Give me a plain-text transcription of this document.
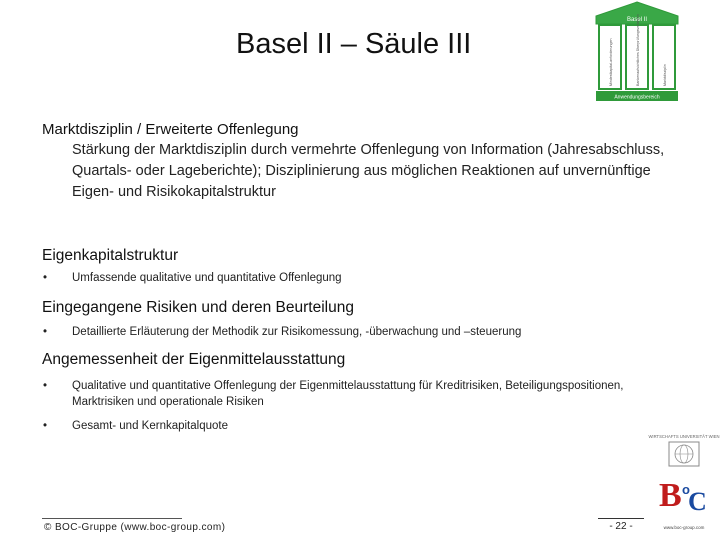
Basel II – Säule III
Basel II
Mindestkapital-anforderungen	Bankenaufsichtliches Überprüfungsverfahren	Marktdisziplin
Anwendungsbereich
Marktdisziplin / Erweiterte Offenlegung
Stärkung der Marktdisziplin durch vermehrte Offenlegung von Information (Jahresabschluss, Quartals- oder Lageberichte); Disziplinierung aus möglichen Reaktionen auf unvernünftige Eigen- und Risikokapitalstruktur
Eigenkapitalstruktur
•	Umfassende qualitative und quantitative Offenlegung
Eingegangene Risiken und deren Beurteilung
•	Detaillierte Erläuterung der Methodik zur Risikomessung, -überwachung und –steuerung
Angemessenheit der Eigenmittelausstattung
•	Qualitative und quantitative Offenlegung der Eigenmittelausstattung für Kreditrisiken, Beteiligungspositionen, Marktrisiken und operationale Risiken
•	Gesamt- und Kernkapitalquote
WIRTSCHAFTS UNIVERSITÄT WIEN
B o
C
www.boc-group.com
© BOC-Gruppe (www.boc-group.com)	- 22 -
